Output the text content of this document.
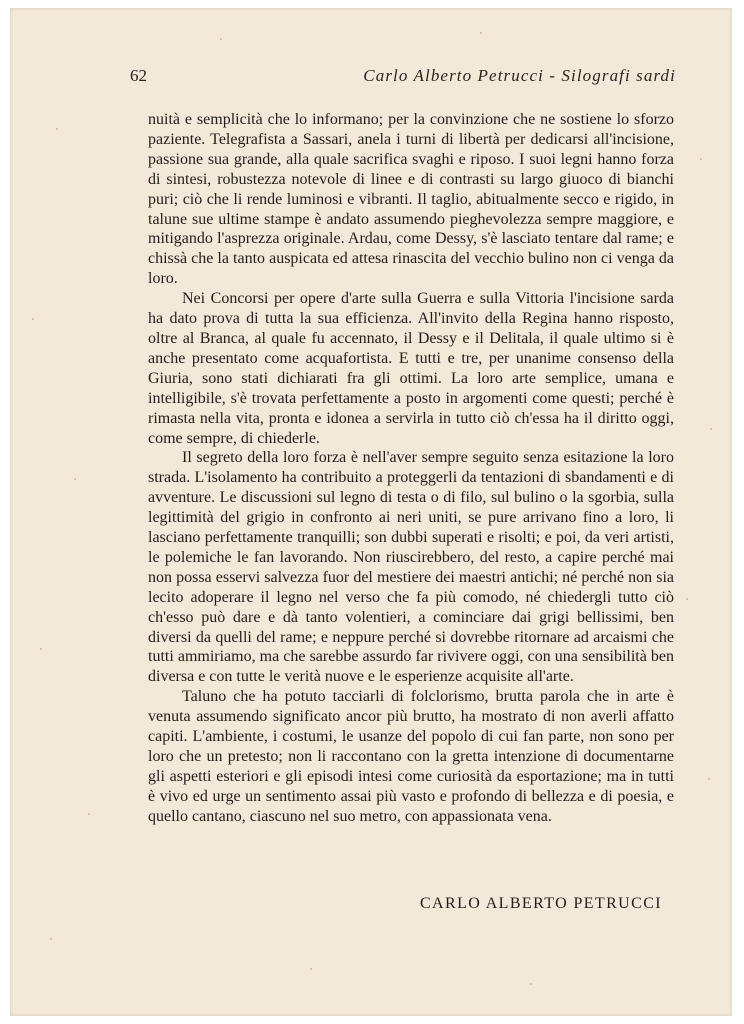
62	Carlo Alberto Petrucci - Silografi sardi

nuità e semplicità che lo informano; per la convinzione che ne sostiene lo sforzo paziente. Telegrafista a Sassari, anela i turni di libertà per dedicarsi all'incisione, passione sua grande, alla quale sacrifica svaghi e riposo. I suoi legni hanno forza di sintesi, robustezza notevole di linee e di contrasti su largo giuoco di bianchi puri; ciò che li rende luminosi e vibranti. Il taglio, abitualmente secco e rigido, in talune sue ultime stampe è andato assumendo pieghevolezza sempre maggiore, e mitigando l'asprezza originale. Ardau, come Dessy, s'è lasciato tentare dal rame; e chissà che la tanto auspicata ed attesa rinascita del vecchio bulino non ci venga da loro.

Nei Concorsi per opere d'arte sulla Guerra e sulla Vittoria l'incisione sarda ha dato prova di tutta la sua efficienza. All'invito della Regina hanno risposto, oltre al Branca, al quale fu accennato, il Dessy e il Delitala, il quale ultimo si è anche presentato come acquafortista. E tutti e tre, per unanime consenso della Giuria, sono stati dichiarati fra gli ottimi. La loro arte semplice, umana e intelligibile, s'è trovata perfettamente a posto in argomenti come questi; perché è rimasta nella vita, pronta e idonea a servirla in tutto ciò ch'essa ha il diritto oggi, come sempre, di chiederle.

Il segreto della loro forza è nell'aver sempre seguito senza esitazione la loro strada. L'isolamento ha contribuito a proteggerli da tentazioni di sbandamenti e di avventure. Le discussioni sul legno di testa o di filo, sul bulino o la sgorbia, sulla legittimità del grigio in confronto ai neri uniti, se pure arrivano fino a loro, li lasciano perfettamente tranquilli; son dubbi superati e risolti; e poi, da veri artisti, le polemiche le fan lavorando. Non riuscirebbero, del resto, a capire perché mai non possa esservi salvezza fuor del mestiere dei maestri antichi; né perché non sia lecito adoperare il legno nel verso che fa più comodo, né chiedergli tutto ciò ch'esso può dare e dà tanto volentieri, a cominciare dai grigi bellissimi, ben diversi da quelli del rame; e neppure perché si dovrebbe ritornare ad arcaismi che tutti ammiriamo, ma che sarebbe assurdo far rivivere oggi, con una sensibilità ben diversa e con tutte le verità nuove e le esperienze acquisite all'arte.

Taluno che ha potuto tacciarli di folclorismo, brutta parola che in arte è venuta assumendo significato ancor più brutto, ha mostrato di non averli affatto capiti. L'ambiente, i costumi, le usanze del popolo di cui fan parte, non sono per loro che un pretesto; non li raccontano con la gretta intenzione di documentarne gli aspetti esteriori e gli episodi intesi come curiosità da esportazione; ma in tutti è vivo ed urge un sentimento assai più vasto e profondo di bellezza e di poesia, e quello cantano, ciascuno nel suo metro, con appassionata vena.

CARLO ALBERTO PETRUCCI
